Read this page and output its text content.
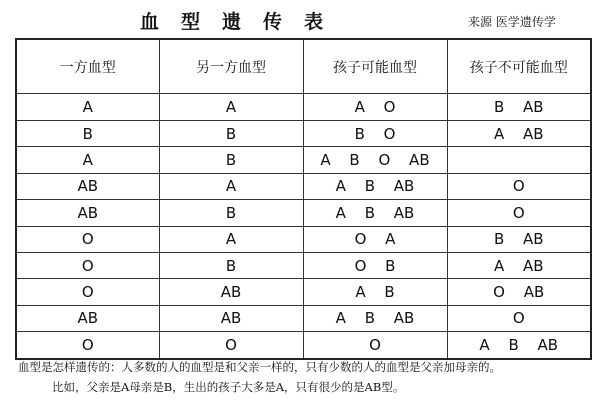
血型遗传表	来源 医学遗传学
一方血型	另一方血型	孩子可能血型	孩子不可能血型
A	A	A O	B AB
B	B	B O	A AB
A	B	A B O AB	
AB	A	A B AB	O
AB	B	A B AB	O
O	A	O A	B AB
O	B	O B	A AB
O	AB	A B	O AB
AB	AB	A B AB	O
O	O	O	A B AB
血型是怎样遗传的：人多数的人的血型是和父亲一样的，只有少数的人的血型是父亲加母亲的。
比如，父亲是A母亲是B，生出的孩子大多是A，只有很少的是AB型。
